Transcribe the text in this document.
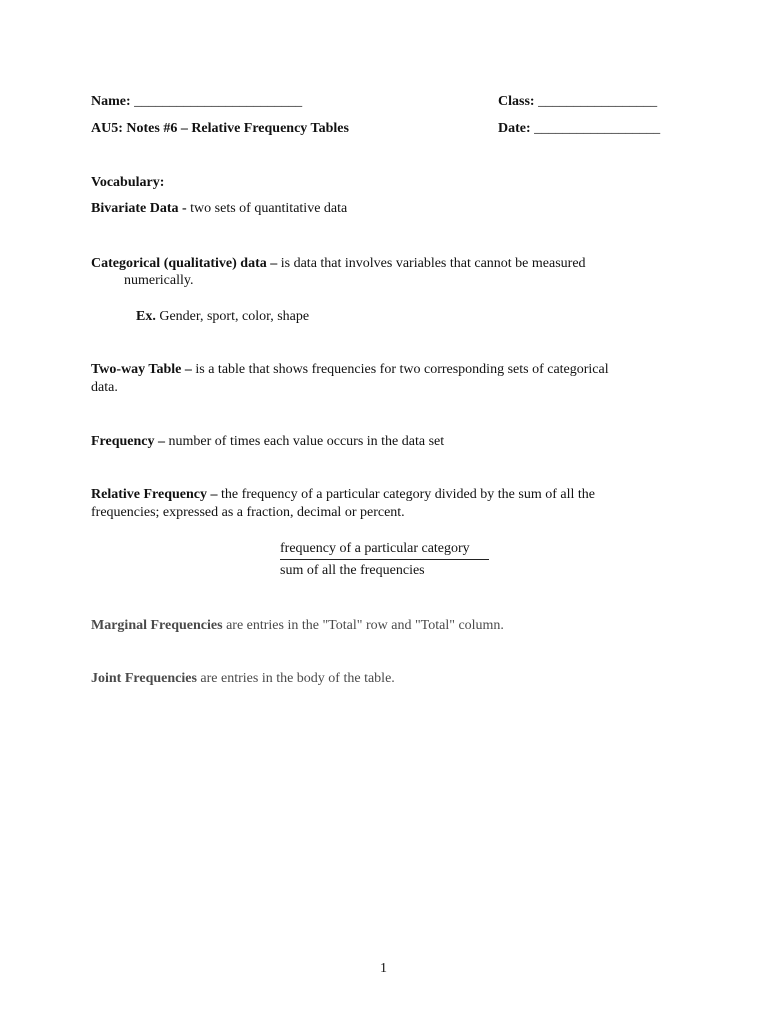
Name: ________________________	Class: _________________
AU5: Notes #6 – Relative Frequency Tables	Date: __________________
Vocabulary:
Bivariate Data - two sets of quantitative data
Categorical (qualitative) data – is data that involves variables that cannot be measured
numerically.
Ex. Gender, sport, color, shape
Two-way Table – is a table that shows frequencies for two corresponding sets of categorical
data.
Frequency – number of times each value occurs in the data set
Relative Frequency – the frequency of a particular category divided by the sum of all the
frequencies; expressed as a fraction, decimal or percent.
frequency of a particular category
sum of all the frequencies
Marginal Frequencies are entries in the "Total" row and "Total" column.
Joint Frequencies are entries in the body of the table.
1
